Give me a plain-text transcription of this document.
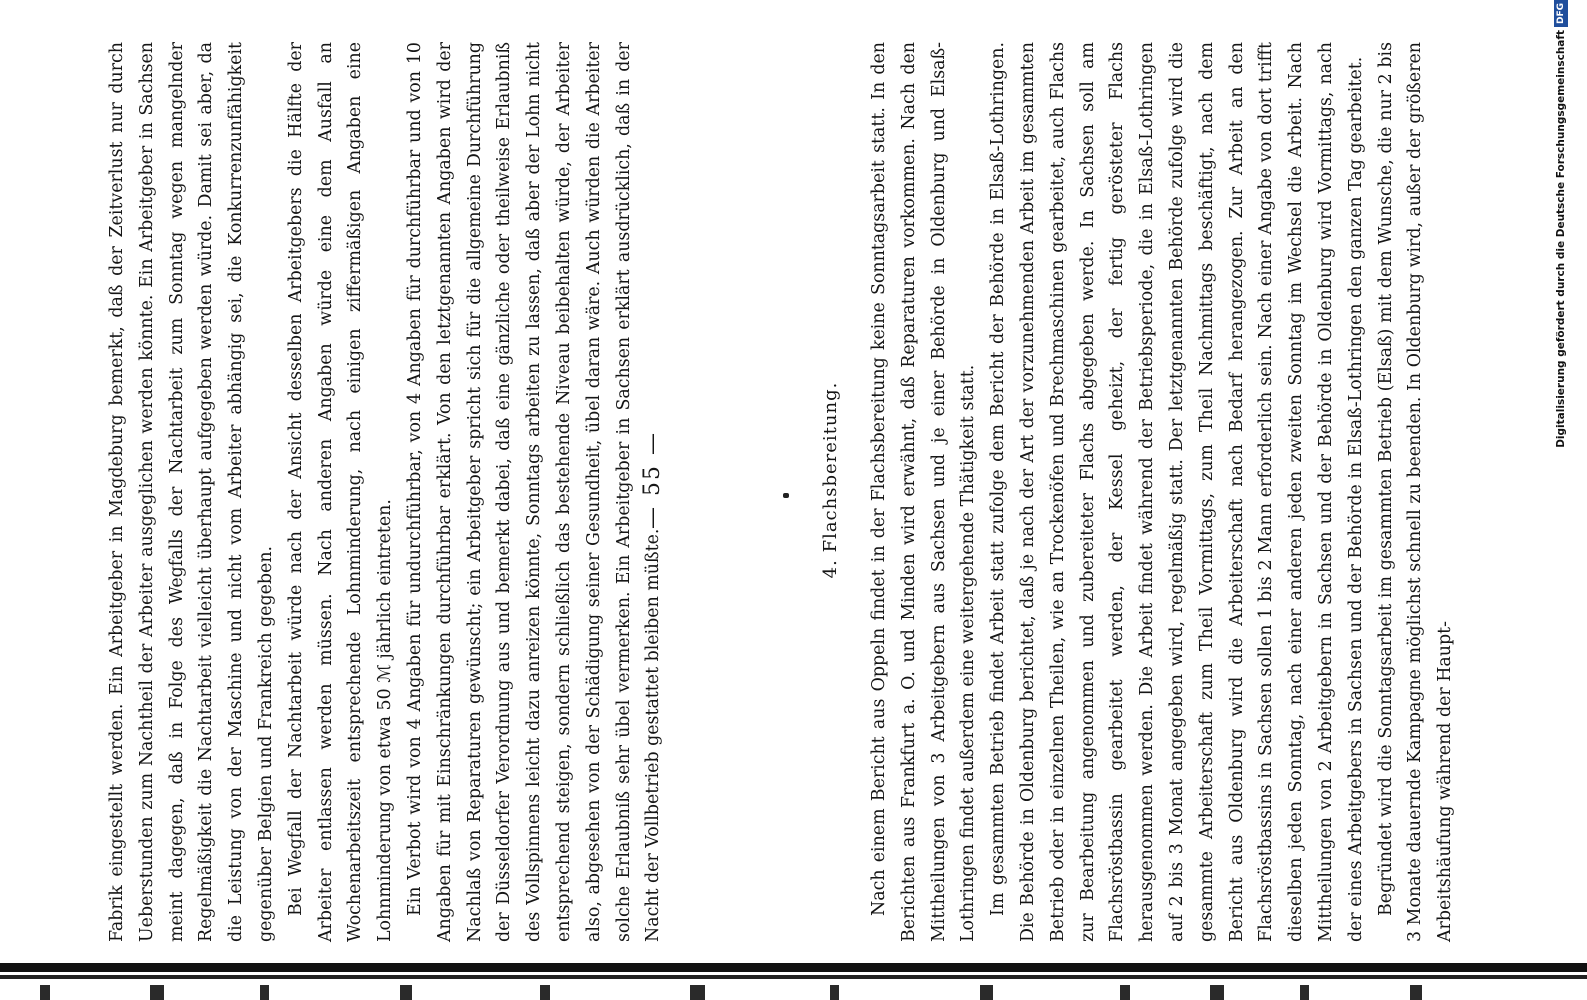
— 55 —

Fabrik eingestellt werden. Ein Arbeitgeber in Magdeburg bemerkt, daß der Zeitverlust nur durch Ueberstunden zum Nachtheil der Arbeiter ausgeglichen werden könnte. Ein Arbeitgeber in Sachsen meint dagegen, daß in Folge des Wegfalls der Nachtarbeit zum Sonntag wegen mangelnder Regelmäßigkeit die Nachtarbeit vielleicht überhaupt aufgegeben werden würde. Damit sei aber, da die Leistung von der Maschine und nicht vom Arbeiter abhängig sei, die Konkurrenzunfähigkeit gegenüber Belgien und Frankreich gegeben. Bei Wegfall der Nachtarbeit würde nach der Ansicht desselben Arbeitgebers die Hälfte der Arbeiter entlassen werden müssen. Nach anderen Angaben würde eine dem Ausfall an Wochenarbeitszeit entsprechende Lohnminderung, nach einigen ziffermäßigen Angaben eine Lohnminderung von etwa 50 ℳ jährlich eintreten. Ein Verbot wird von 4 Angaben für undurchführbar, von 4 Angaben für durchführbar und von 10 Angaben für mit Einschränkungen durchführbar erklärt. Von den letztgenannten Angaben wird der Nachlaß von Reparaturen gewünscht; ein Arbeitgeber spricht sich für die allgemeine Durchführung der Düsseldorfer Verordnung aus und bemerkt dabei, daß eine gänzliche oder theilweise Erlaubniß des Vollspinnens leicht dazu anreizen könnte, Sonntags arbeiten zu lassen, daß aber der Lohn nicht entsprechend steigen, sondern schließlich das bestehende Niveau beibehalten würde, der Arbeiter also, abgesehen von der Schädigung seiner Gesundheit, übel daran wäre. Auch würden die Arbeiter solche Erlaubniß sehr übel vermerken. Ein Arbeitgeber in Sachsen erklärt ausdrücklich, daß in der Nacht der Vollbetrieb gestattet bleiben müßte.

4. Flachsbereitung. Nach einem Bericht aus Oppeln findet in der Flachsbereitung keine Sonntagsarbeit statt. In den Berichten aus Frankfurt a. O. und Minden wird erwähnt, daß Reparaturen vorkommen. Nach den Mittheilungen von 3 Arbeitgebern aus Sachsen und je einer Behörde in Oldenburg und Elsaß-Lothringen findet außerdem eine weitergehende Thätigkeit statt. Im gesammten Betrieb findet Arbeit statt zufolge dem Bericht der Behörde in Elsaß-Lothringen. Die Behörde in Oldenburg berichtet, daß je nach der Art der vorzunehmenden Arbeit im gesammten Betrieb oder in einzelnen Theilen, wie an Trockenöfen und Brechmaschinen gearbeitet, auch Flachs zur Bearbeitung angenommen und zubereiteter Flachs abgegeben werde. In Sachsen soll am Flachsröstbassin gearbeitet werden, der Kessel geheizt, der fertig gerösteter Flachs herausgenommen werden. Die Arbeit findet während der Betriebsperiode, die in Elsaß-Lothringen auf 2 bis 3 Monat angegeben wird, regelmäßig statt. Der letztgenannten Behörde zufolge wird die gesammte Arbeiterschaft zum Theil Vormittags, zum Theil Nachmittags beschäftigt, nach dem Bericht aus Oldenburg wird die Arbeiterschaft nach Bedarf herangezogen. Zur Arbeit an den Flachsröstbassins in Sachsen sollen 1 bis 2 Mann erforderlich sein. Nach einer Angabe von dort trifft dieselben jeden Sonntag, nach einer anderen jeden zweiten Sonntag im Wechsel die Arbeit. Nach Mittheilungen von 2 Arbeitgebern in Sachsen und der Behörde in Oldenburg wird Vormittags, nach der eines Arbeitgebers in Sachsen und der Behörde in Elsaß-Lothringen den ganzen Tag gearbeitet. Begründet wird die Sonntagsarbeit im gesammten Betrieb (Elsaß) mit dem Wunsche, die nur 2 bis 3 Monate dauernde Kampagne möglichst schnell zu beenden. In Oldenburg wird, außer der größeren Arbeitshäufung während der Haupt-

Digitalisierung gefördert durch die Deutsche Forschungsgemeinschaft
DFG
